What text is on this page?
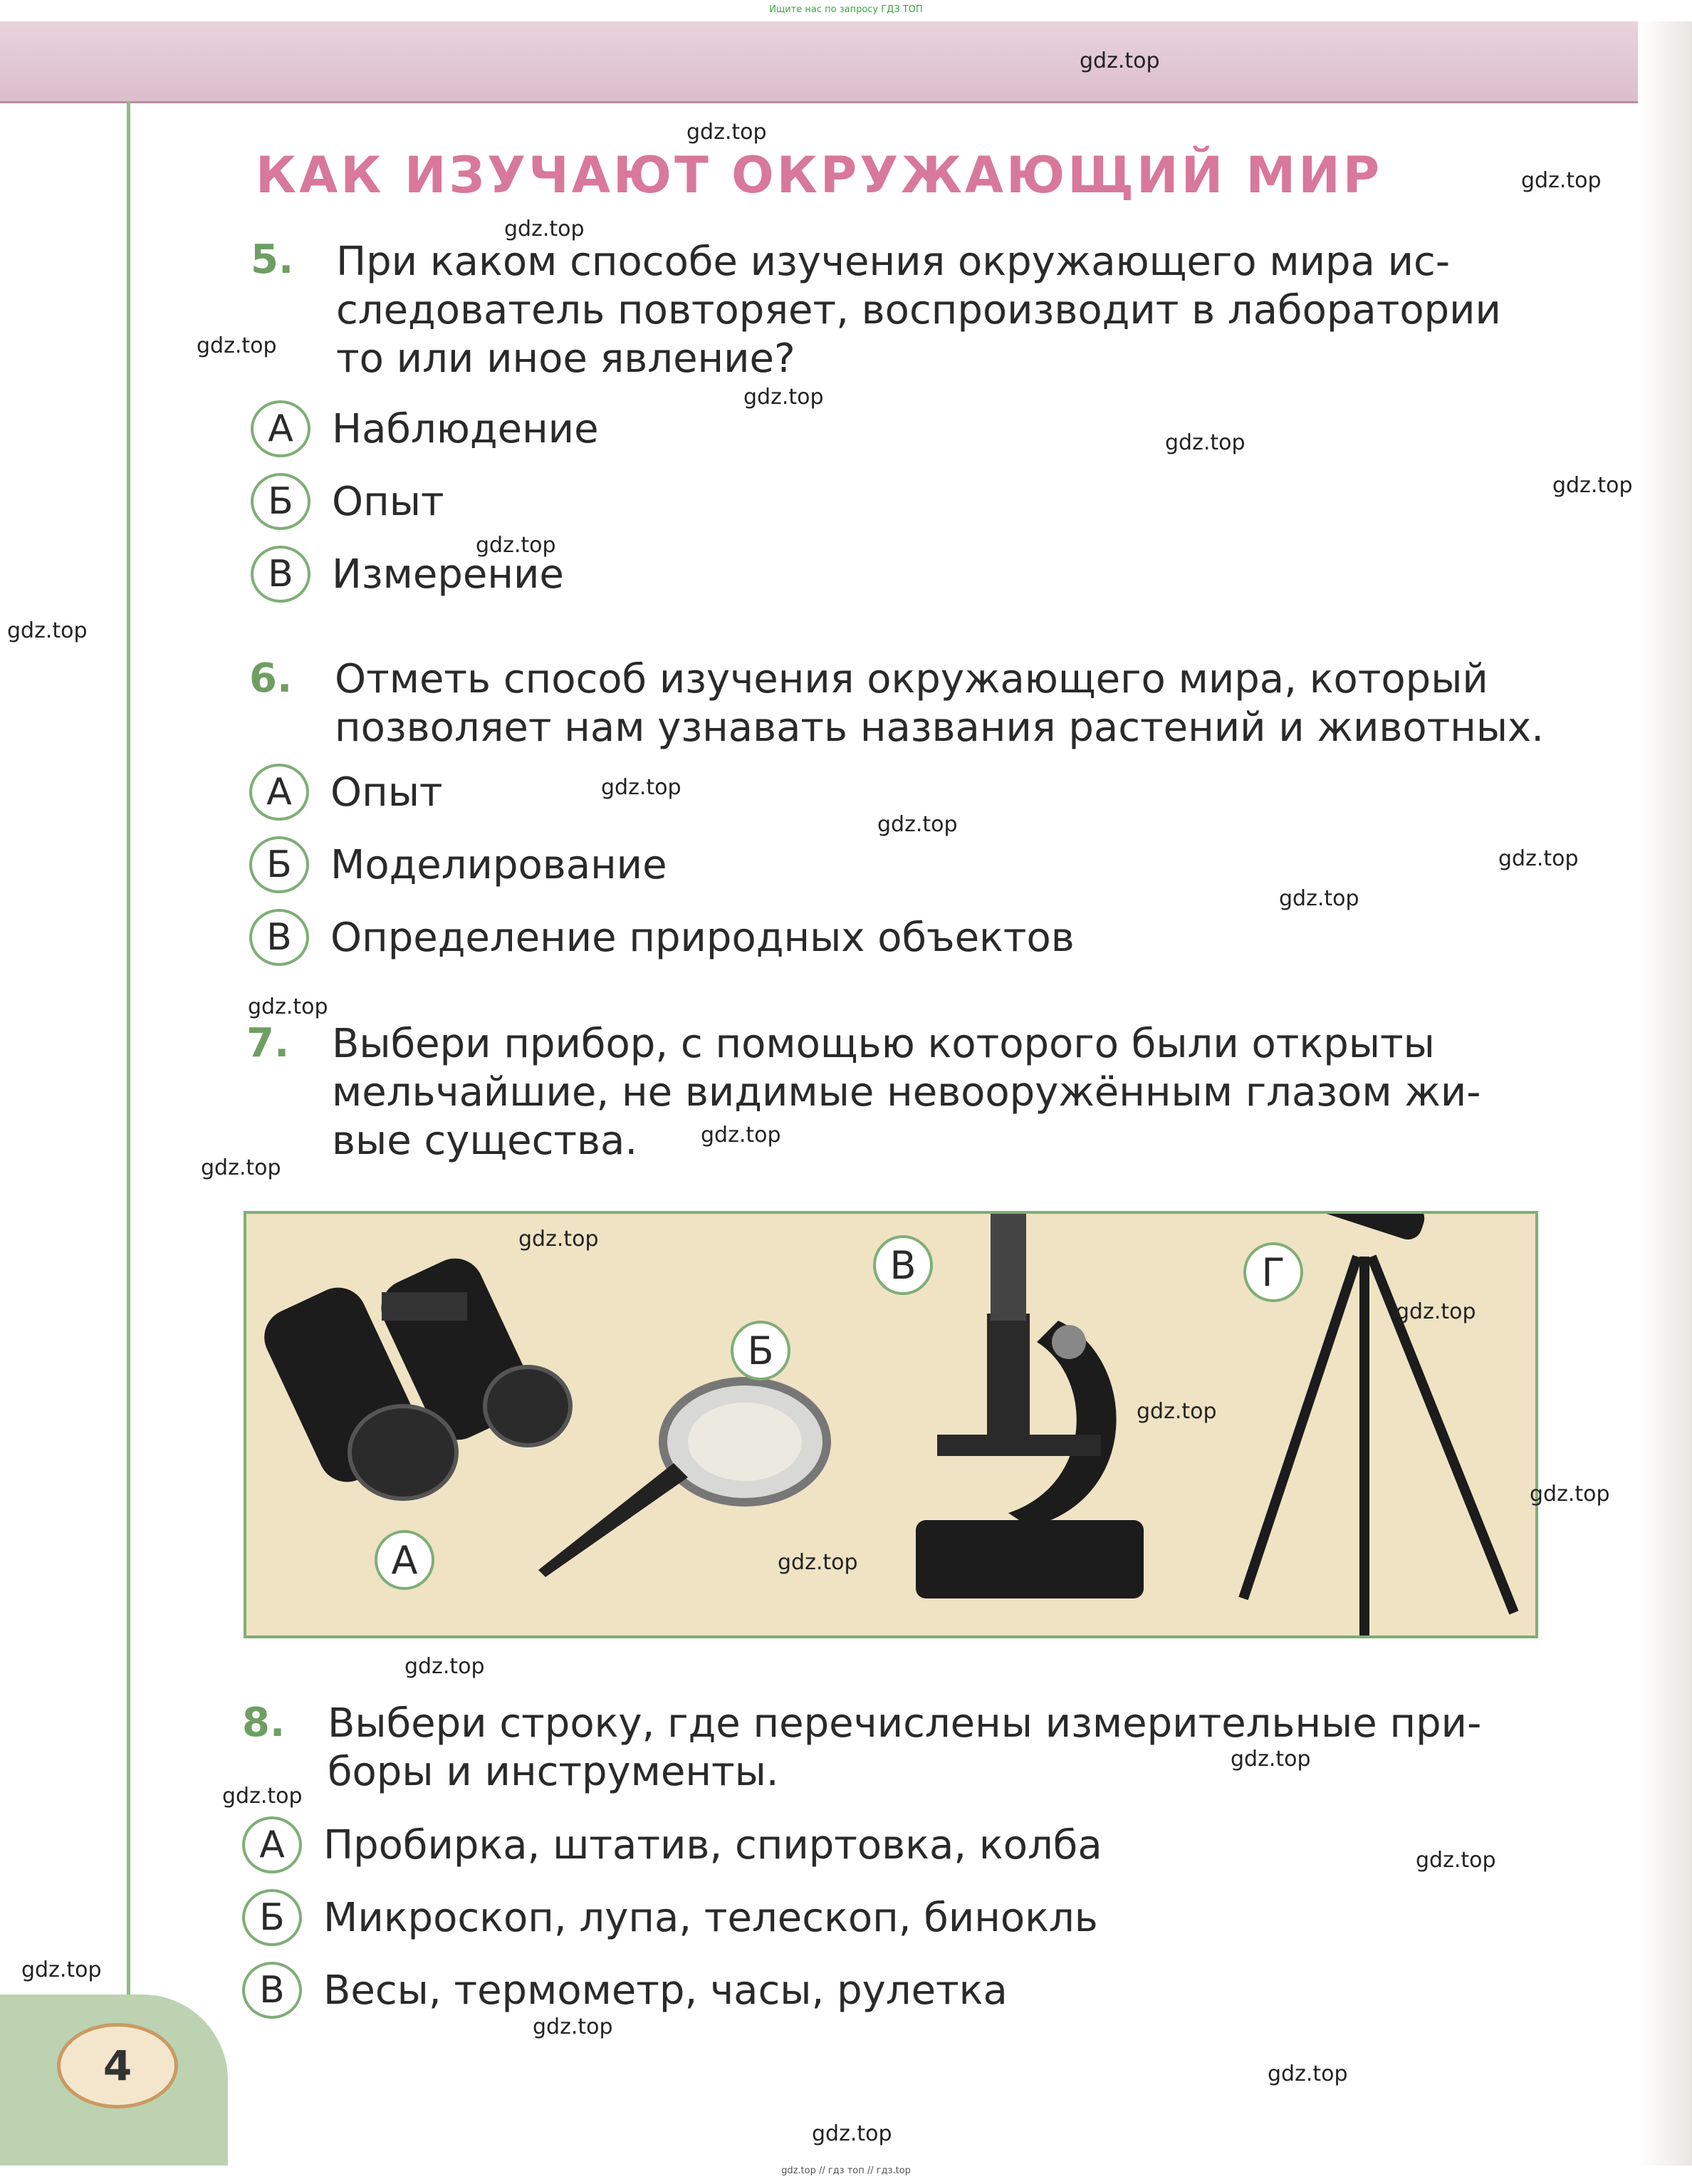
Ищите нас по запросу ГДЗ ТОП
4
gdz.top // гдз топ // гдз.top
КАК ИЗУЧАЮТ ОКРУЖАЮЩИЙ МИР
5. При каком способе изучения окружающего мира ис-
следователь повторяет, воспроизводит в лаборатории
то или иное явление?
А Наблюдение
Б Опыт
В Измерение
6. Отметь способ изучения окружающего мира, который
позволяет нам узнавать названия растений и животных.
А Опыт
Б Моделирование
В Определение природных объектов
7. Выбери прибор, с помощью которого были открыты
мельчайшие, не видимые невооружённым глазом жи-
вые существа.
А
Б
В	Г
8. Выбери строку, где перечислены измерительные при-
боры и инструменты.
А Пробирка, штатив, спиртовка, колба
Б Микроскоп, лупа, телескоп, бинокль
В Весы, термометр, часы, рулетка
gdz.top
gdz.top
gdz.top
gdz.top
gdz.top
gdz.top
gdz.top
gdz.top
gdz.top
gdz.top
gdz.top
gdz.top
gdz.top
gdz.top
gdz.top
gdz.top
gdz.top
gdz.top
gdz.top
gdz.top
gdz.top
gdz.top
gdz.top
gdz.top
gdz.top
gdz.top
gdz.top
gdz.top
gdz.top
gdz.top
